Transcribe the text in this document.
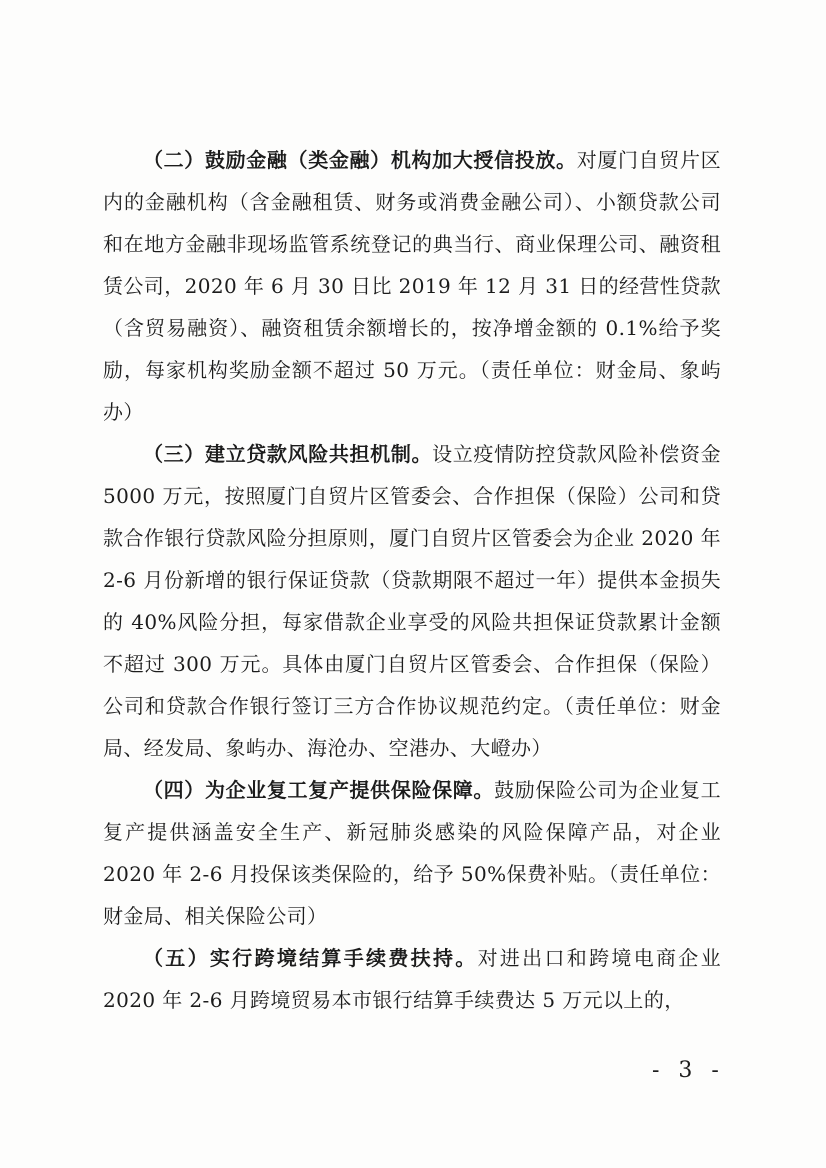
（二）鼓励金融（类金融）机构加大授信投放。对厦门自贸片区内的金融机构（含金融租赁、财务或消费金融公司）、小额贷款公司和在地方金融非现场监管系统登记的典当行、商业保理公司、融资租赁公司，2020 年 6 月 30 日比 2019 年 12 月 31 日的经营性贷款（含贸易融资）、融资租赁余额增长的，按净增金额的 0.1%给予奖励，每家机构奖励金额不超过 50 万元。（责任单位：财金局、象屿办）

（三）建立贷款风险共担机制。设立疫情防控贷款风险补偿资金 5000 万元，按照厦门自贸片区管委会、合作担保（保险）公司和贷款合作银行贷款风险分担原则，厦门自贸片区管委会为企业 2020 年 2-6 月份新增的银行保证贷款（贷款期限不超过一年）提供本金损失的 40%风险分担，每家借款企业享受的风险共担保证贷款累计金额不超过 300 万元。具体由厦门自贸片区管委会、合作担保（保险）公司和贷款合作银行签订三方合作协议规范约定。（责任单位：财金局、经发局、象屿办、海沧办、空港办、大嶝办）

（四）为企业复工复产提供保险保障。鼓励保险公司为企业复工复产提供涵盖安全生产、新冠肺炎感染的风险保障产品，对企业 2020 年 2-6 月投保该类保险的，给予 50%保费补贴。（责任单位：财金局、相关保险公司）

（五）实行跨境结算手续费扶持。对进出口和跨境电商企业 2020 年 2-6 月跨境贸易本市银行结算手续费达 5 万元以上的，

- 3 -
